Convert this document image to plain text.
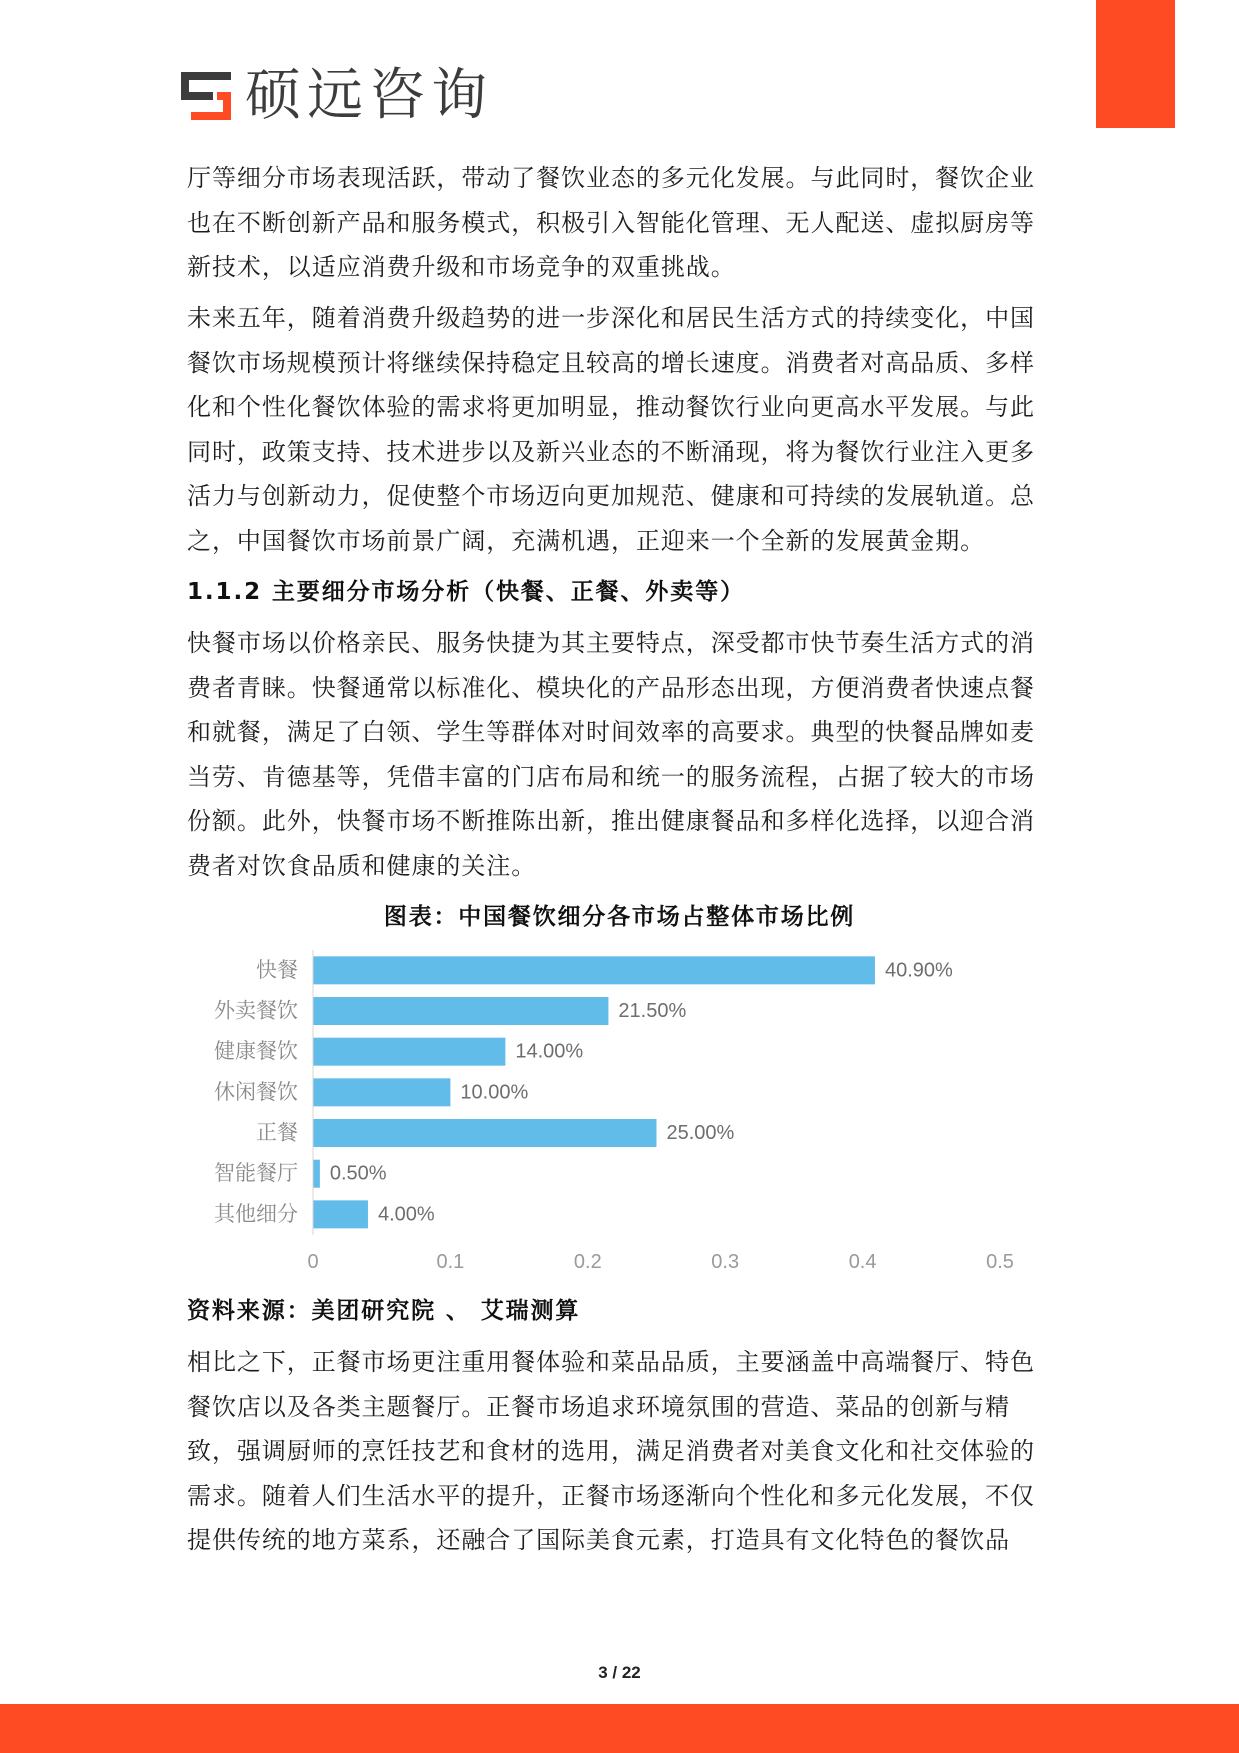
硕远咨询
厅等细分市场表现活跃，带动了餐饮业态的多元化发展。与此同时，餐饮企业
也在不断创新产品和服务模式，积极引入智能化管理、无人配送、虚拟厨房等
新技术，以适应消费升级和市场竞争的双重挑战。
未来五年，随着消费升级趋势的进一步深化和居民生活方式的持续变化，中国
餐饮市场规模预计将继续保持稳定且较高的增长速度。消费者对高品质、多样
化和个性化餐饮体验的需求将更加明显，推动餐饮行业向更高水平发展。与此
同时，政策支持、技术进步以及新兴业态的不断涌现，将为餐饮行业注入更多
活力与创新动力，促使整个市场迈向更加规范、健康和可持续的发展轨道。总
之，中国餐饮市场前景广阔，充满机遇，正迎来一个全新的发展黄金期。
1.1.2 主要细分市场分析（快餐、正餐、外卖等）
快餐市场以价格亲民、服务快捷为其主要特点，深受都市快节奏生活方式的消
费者青睐。快餐通常以标准化、模块化的产品形态出现，方便消费者快速点餐
和就餐，满足了白领、学生等群体对时间效率的高要求。典型的快餐品牌如麦
当劳、肯德基等，凭借丰富的门店布局和统一的服务流程，占据了较大的市场
份额。此外，快餐市场不断推陈出新，推出健康餐品和多样化选择，以迎合消
费者对饮食品质和健康的关注。
图表：中国餐饮细分各市场占整体市场比例
快餐	40.90%
外卖餐饮	21.50%
健康餐饮	14.00%
休闲餐饮	10.00%
正餐	25.00%
智能餐厅 0.50%
其他细分	4.00%
0	0.1	0.2	0.3	0.4	0.5
资料来源：美团研究院 、 艾瑞测算
相比之下，正餐市场更注重用餐体验和菜品品质，主要涵盖中高端餐厅、特色
餐饮店以及各类主题餐厅。正餐市场追求环境氛围的营造、菜品的创新与精
致，强调厨师的烹饪技艺和食材的选用，满足消费者对美食文化和社交体验的
需求。随着人们生活水平的提升，正餐市场逐渐向个性化和多元化发展，不仅
提供传统的地方菜系，还融合了国际美食元素，打造具有文化特色的餐饮品
3 / 22
